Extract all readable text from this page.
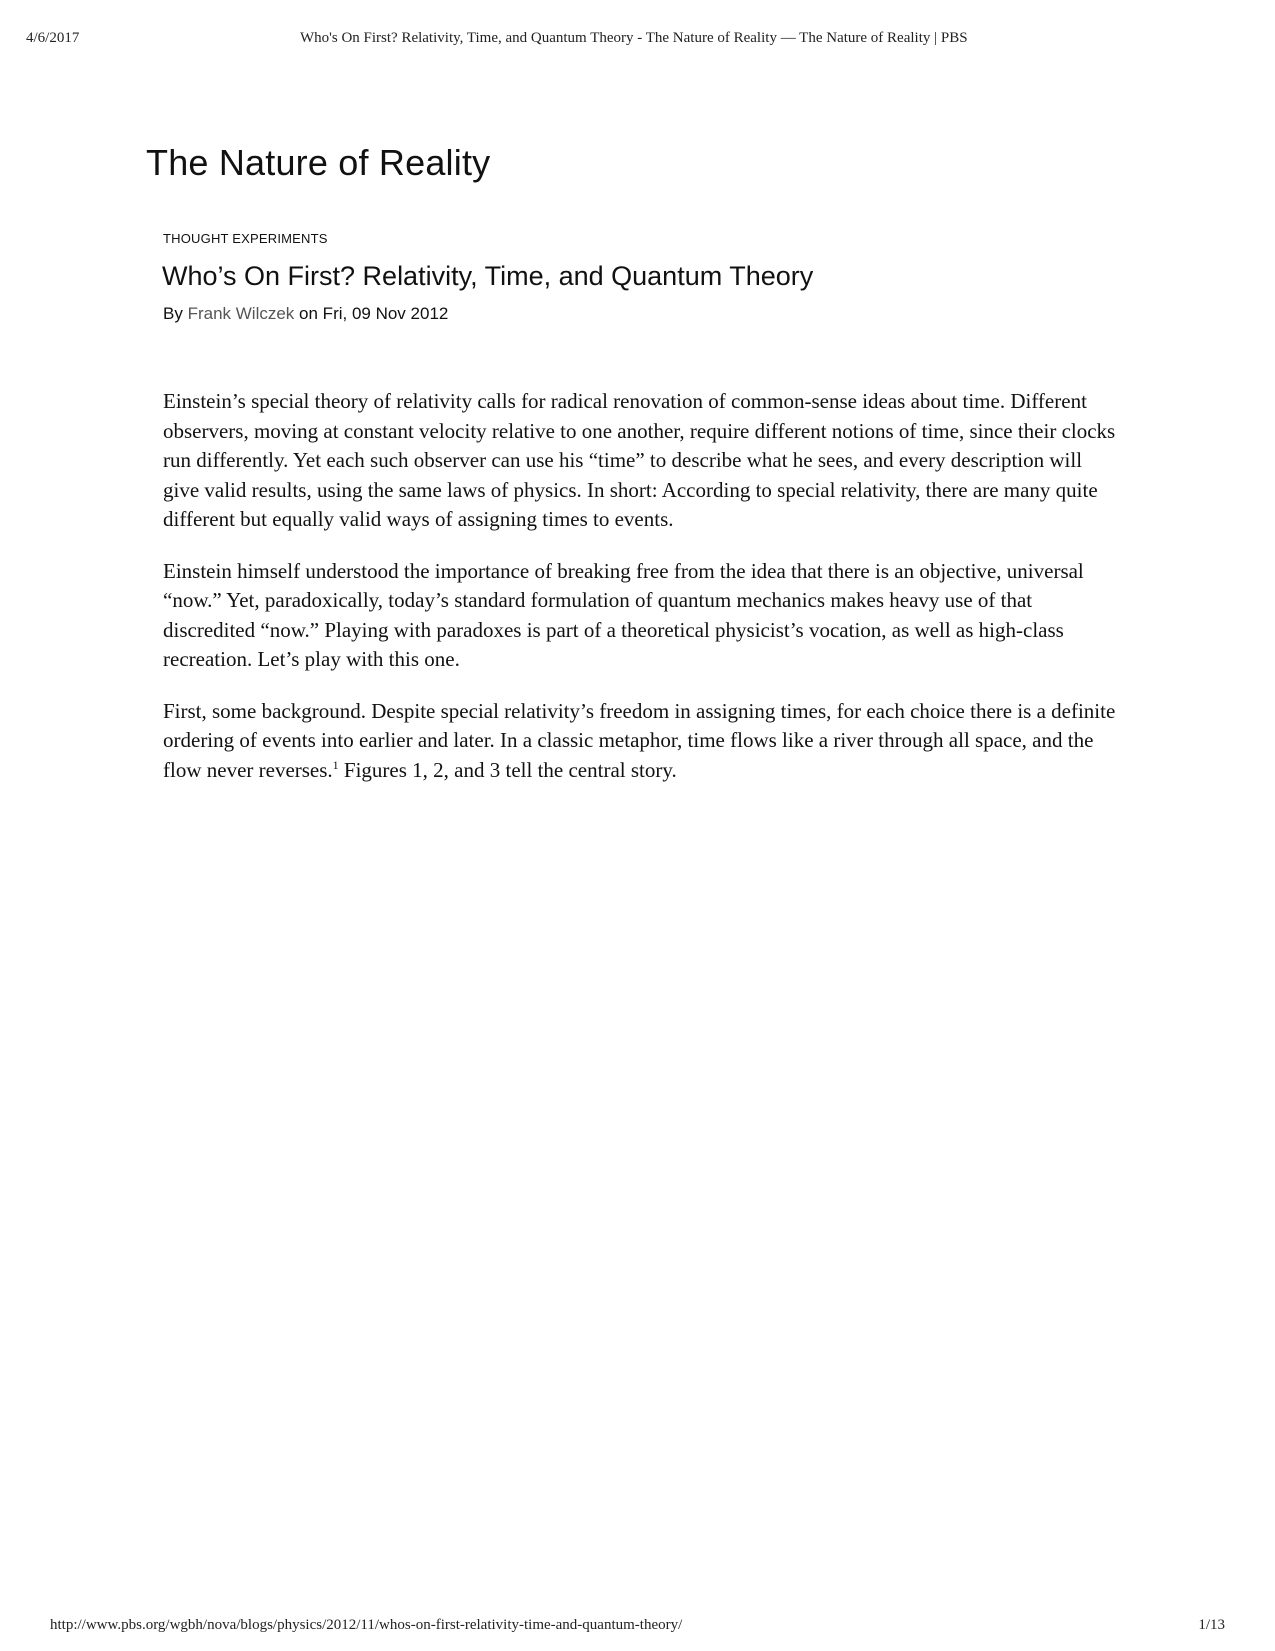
4/6/2017	Who's On First? Relativity, Time, and Quantum Theory - The Nature of Reality — The Nature of Reality | PBS
The Nature of Reality
THOUGHT EXPERIMENTS
Who’s On First? Relativity, Time, and Quantum Theory
By Frank Wilczek on Fri, 09 Nov 2012

Einstein’s special theory of relativity calls for radical renovation of common-sense ideas about time. Different observers, moving at constant velocity relative to one another, require different notions of time, since their clocks run differently. Yet each such observer can use his “time” to describe what he sees, and every description will give valid results, using the same laws of physics. In short: According to special relativity, there are many quite different but equally valid ways of assigning times to events.

Einstein himself understood the importance of breaking free from the idea that there is an objective, universal “now.” Yet, paradoxically, today’s standard formulation of quantum mechanics makes heavy use of that discredited “now.” Playing with paradoxes is part of a theoretical physicist’s vocation, as well as high-class recreation. Let’s play with this one.

First, some background. Despite special relativity’s freedom in assigning times, for each choice there is a definite ordering of events into earlier and later. In a classic metaphor, time flows like a river through all space, and the flow never reverses.$^1$ Figures 1, 2, and 3 tell the central story.

http://www.pbs.org/wgbh/nova/blogs/physics/2012/11/whos-on-first-relativity-time-and-quantum-theory/	1/13
